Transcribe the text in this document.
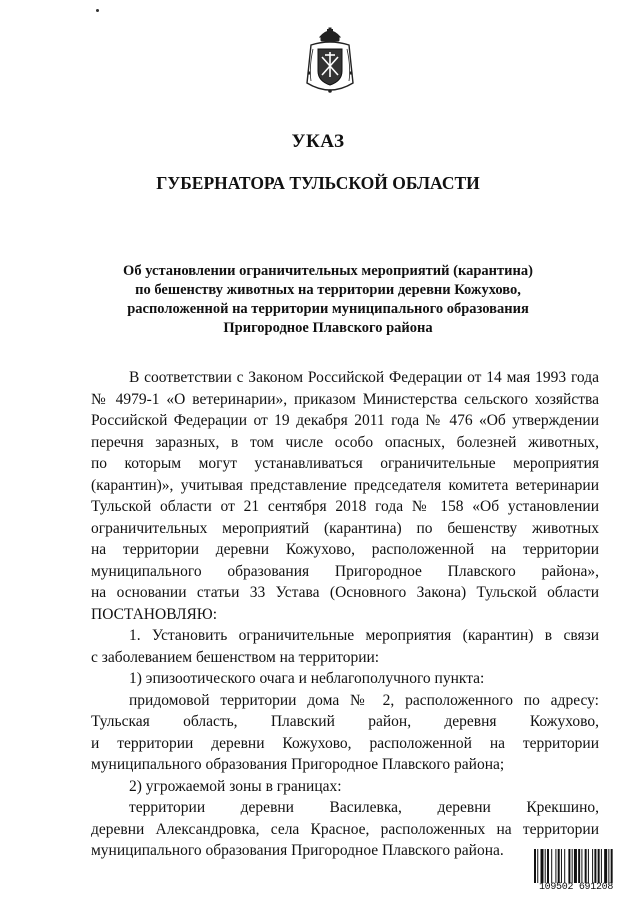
УКАЗ
ГУБЕРНАТОРА ТУЛЬСКОЙ ОБЛАСТИ
Об установлении ограничительных мероприятий (карантина)
по бешенству животных на территории деревни Кожухово,
расположенной на территории муниципального образования
Пригородное Плавского района
В соответствии с Законом Российской Федерации от 14 мая 1993 года
№ 4979-1 «О ветеринарии», приказом Министерства сельского хозяйства
Российской Федерации от 19 декабря 2011 года № 476 «Об утверждении
перечня заразных, в том числе особо опасных, болезней животных,
по которым могут устанавливаться ограничительные мероприятия
(карантин)», учитывая представление председателя комитета ветеринарии
Тульской области от 21 сентября 2018 года № 158 «Об установлении
ограничительных мероприятий (карантина) по бешенству животных
на территории деревни Кожухово, расположенной на территории
муниципального образования Пригородное Плавского района»,
на основании статьи 33 Устава (Основного Закона) Тульской области
ПОСТАНОВЛЯЮ:
1. Установить ограничительные мероприятия (карантин) в связи
с заболеванием бешенством на территории:
1) эпизоотического очага и неблагополучного пункта:
придомовой территории дома № 2, расположенного по адресу:
Тульская область, Плавский район, деревня Кожухово,
и территории деревни Кожухово, расположенной на территории
муниципального образования Пригородное Плавского района;
2) угрожаемой зоны в границах:
территории деревни Василевка, деревни Крекшино,
деревни Александровка, села Красное, расположенных на территории
муниципального образования Пригородное Плавского района.
109502 691208
